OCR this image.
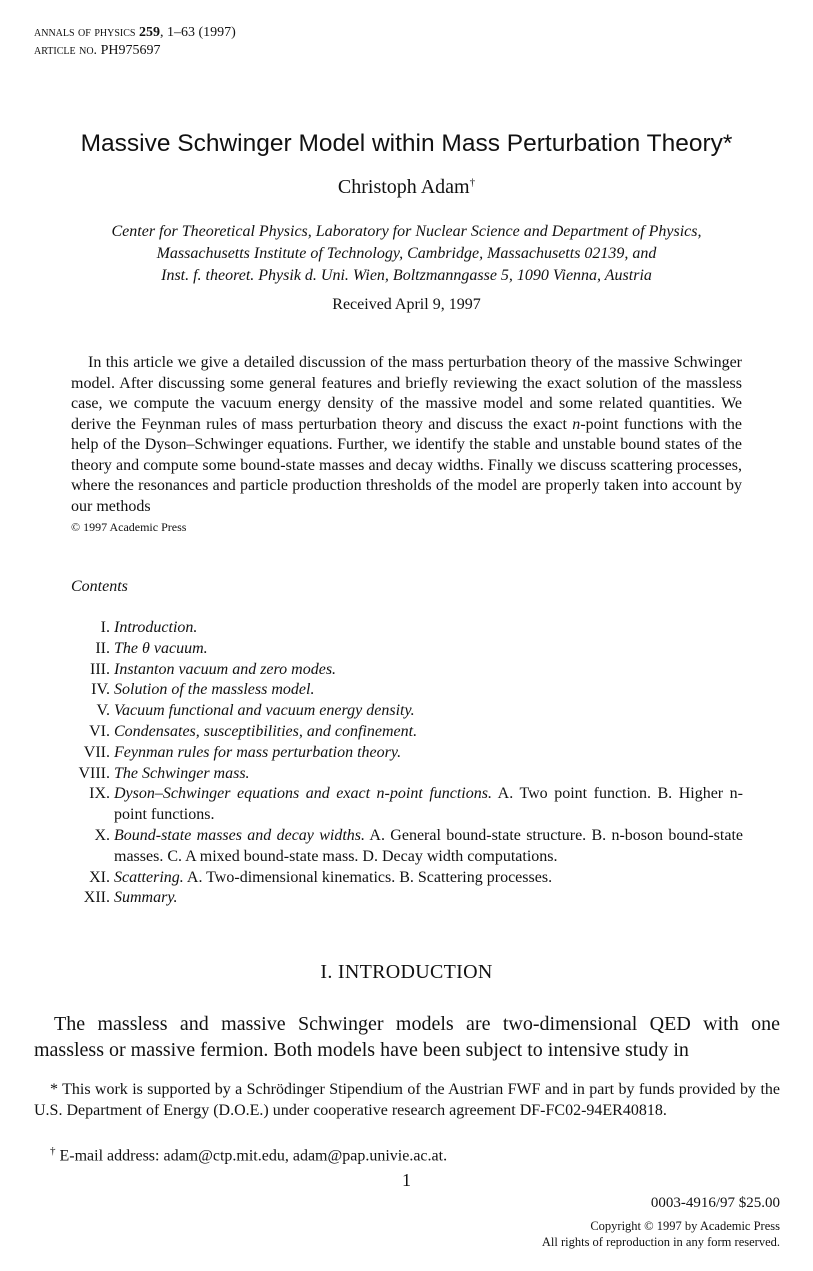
annals of physics 259, 1–63 (1997)
article no. PH975697
Massive Schwinger Model within Mass Perturbation Theory*
Christoph Adam†
Center for Theoretical Physics, Laboratory for Nuclear Science and Department of Physics,
Massachusetts Institute of Technology, Cambridge, Massachusetts 02139, and
Inst. f. theoret. Physik d. Uni. Wien, Boltzmanngasse 5, 1090 Vienna, Austria
Received April 9, 1997
In this article we give a detailed discussion of the mass perturbation theory of the massive Schwinger model. After discussing some general features and briefly reviewing the exact solution of the massless case, we compute the vacuum energy density of the massive model and some related quantities. We derive the Feynman rules of mass perturbation theory and discuss the exact n-point functions with the help of the Dyson–Schwinger equations. Further, we identify the stable and unstable bound states of the theory and compute some bound-state masses and decay widths. Finally we discuss scattering processes, where the resonances and particle production thresholds of the model are properly taken into account by our methods
© 1997 Academic Press
Contents
I. Introduction.
II. The θ vacuum.
III. Instanton vacuum and zero modes.
IV. Solution of the massless model.
V. Vacuum functional and vacuum energy density.
VI. Condensates, susceptibilities, and confinement.
VII. Feynman rules for mass perturbation theory.
VIII. The Schwinger mass.
IX. Dyson–Schwinger equations and exact n-point functions. A. Two point function. B. Higher n-point functions.
X. Bound-state masses and decay widths. A. General bound-state structure. B. n-boson bound-state masses. C. A mixed bound-state mass. D. Decay width computations.
XI. Scattering. A. Two-dimensional kinematics. B. Scattering processes.
XII. Summary.
I. INTRODUCTION
The massless and massive Schwinger models are two-dimensional QED with one massless or massive fermion. Both models have been subject to intensive study in
* This work is supported by a Schrödinger Stipendium of the Austrian FWF and in part by funds provided by the U.S. Department of Energy (D.O.E.) under cooperative research agreement DF-FC02-94ER40818.
† E-mail address: adam@ctp.mit.edu, adam@pap.univie.ac.at.
1
0003-4916/97 $25.00
Copyright © 1997 by Academic Press
All rights of reproduction in any form reserved.
